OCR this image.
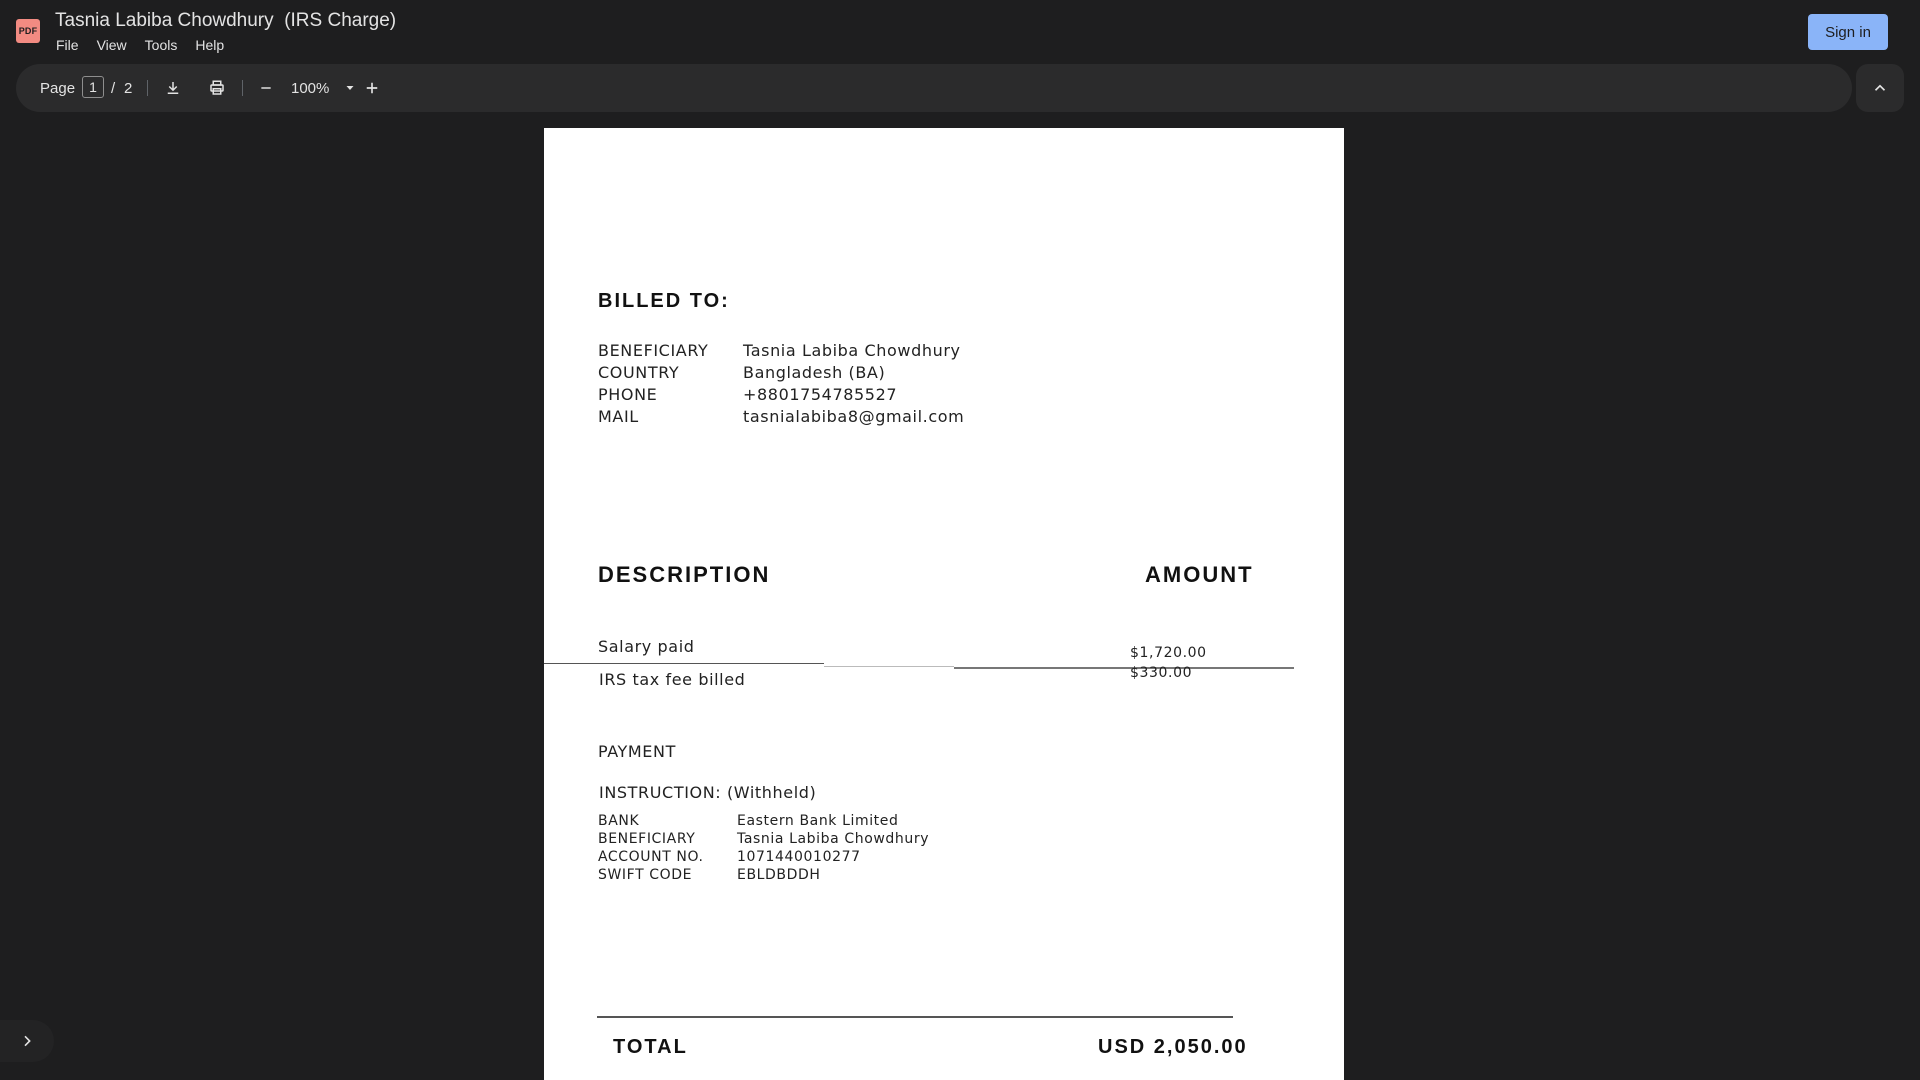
PDF Tasnia Labiba Chowdhury  (IRS Charge)
File	View	Tools	Help
Sign in
Page
1 / 2	100%
BILLED TO:
BENEFICIARY Tasnia Labiba Chowdhury
COUNTRY	Bangladesh (BA)
PHONE	+8801754785527
MAIL	tasnialabiba8@gmail.com
DESCRIPTION	AMOUNT
Salary paid	$1,720.00
IRS tax fee billed	$330.00
PAYMENT
INSTRUCTION: (Withheld)
BANK	Eastern Bank Limited
BENEFICIARY	Tasnia Labiba Chowdhury
ACCOUNT NO. 1071440010277
SWIFT CODE	EBLDBDDH
TOTAL	USD 2,050.00
